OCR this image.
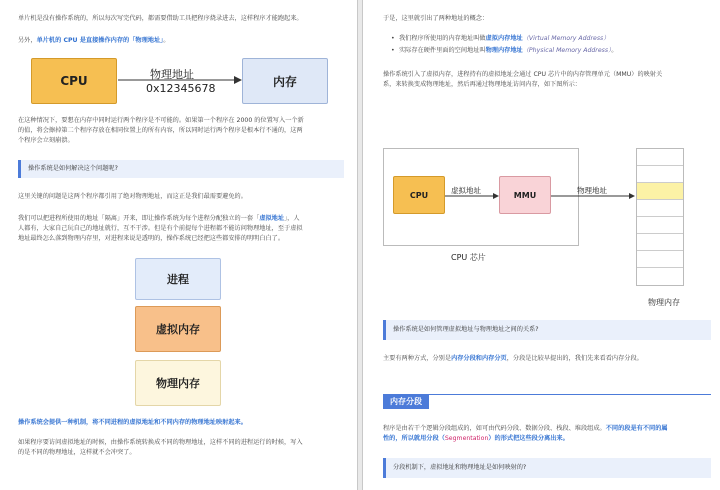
单片机是没有操作系统的，所以每次写完代码，都需要借助工具把程序烧录进去，这样程序才能跑起来。
另外，单片机的 CPU 是直接操作内存的「物理地址」。
CPU	物理地址
0x12345678	内存
在这种情况下，要想在内存中同时运行两个程序是不可能的。如果第一个程序在 2000 的位置写入一个新
的值，将会擦掉第二个程序存放在相同位置上的所有内容，所以同时运行两个程序是根本行不通的，这两
个程序会立刻崩溃。
操作系统是如何解决这个问题呢?
这里关键的问题是这两个程序都引用了绝对物理地址，而这正是我们最需要避免的。
我们可以把进程所使用的地址「隔离」开来，即让操作系统为每个进程分配独立的一套「虚拟地址」，人
人都有，大家自己玩自己的地址就行，互不干涉。但是有个前提每个进程都不能访问物理地址，至于虚拟
地址最终怎么落到物理内存里，对进程来说是透明的，操作系统已经把这些都安排的明明白白了。
进程
虚拟内存
物理内存
操作系统会提供一种机制，将不同进程的虚拟地址和不同内存的物理地址映射起来。
如果程序要访问虚拟地址的时候，由操作系统转换成不同的物理地址，这样不同的进程运行的时候，写入
的是不同的物理地址，这样就不会冲突了。
于是，这里就引出了两种地址的概念：
• 我们程序所使用的内存地址叫做虚拟内存地址（Virtual Memory Address）
• 实际存在硬件里面的空间地址叫物理内存地址（Physical Memory Address）。
操作系统引入了虚拟内存，进程持有的虚拟地址会通过 CPU 芯片中的内存管理单元（MMU）的映射关
系，来转换变成物理地址，然后再通过物理地址访问内存，如下图所示：
CPU	虚拟地址	MMU	物理地址
CPU 芯片
物理内存
操作系统是如何管理虚拟地址与物理地址之间的关系?
主要有两种方式，分别是内存分段和内存分页，分段是比较早提出的，我们先来看看内存分段。
内存分段
程序是由若干个逻辑分段组成的，如可由代码分段、数据分段、栈段、堆段组成。不同的段是有不同的属
性的，所以就用分段（Segmentation）的形式把这些段分离出来。
分段机制下，虚拟地址和物理地址是如何映射的?
